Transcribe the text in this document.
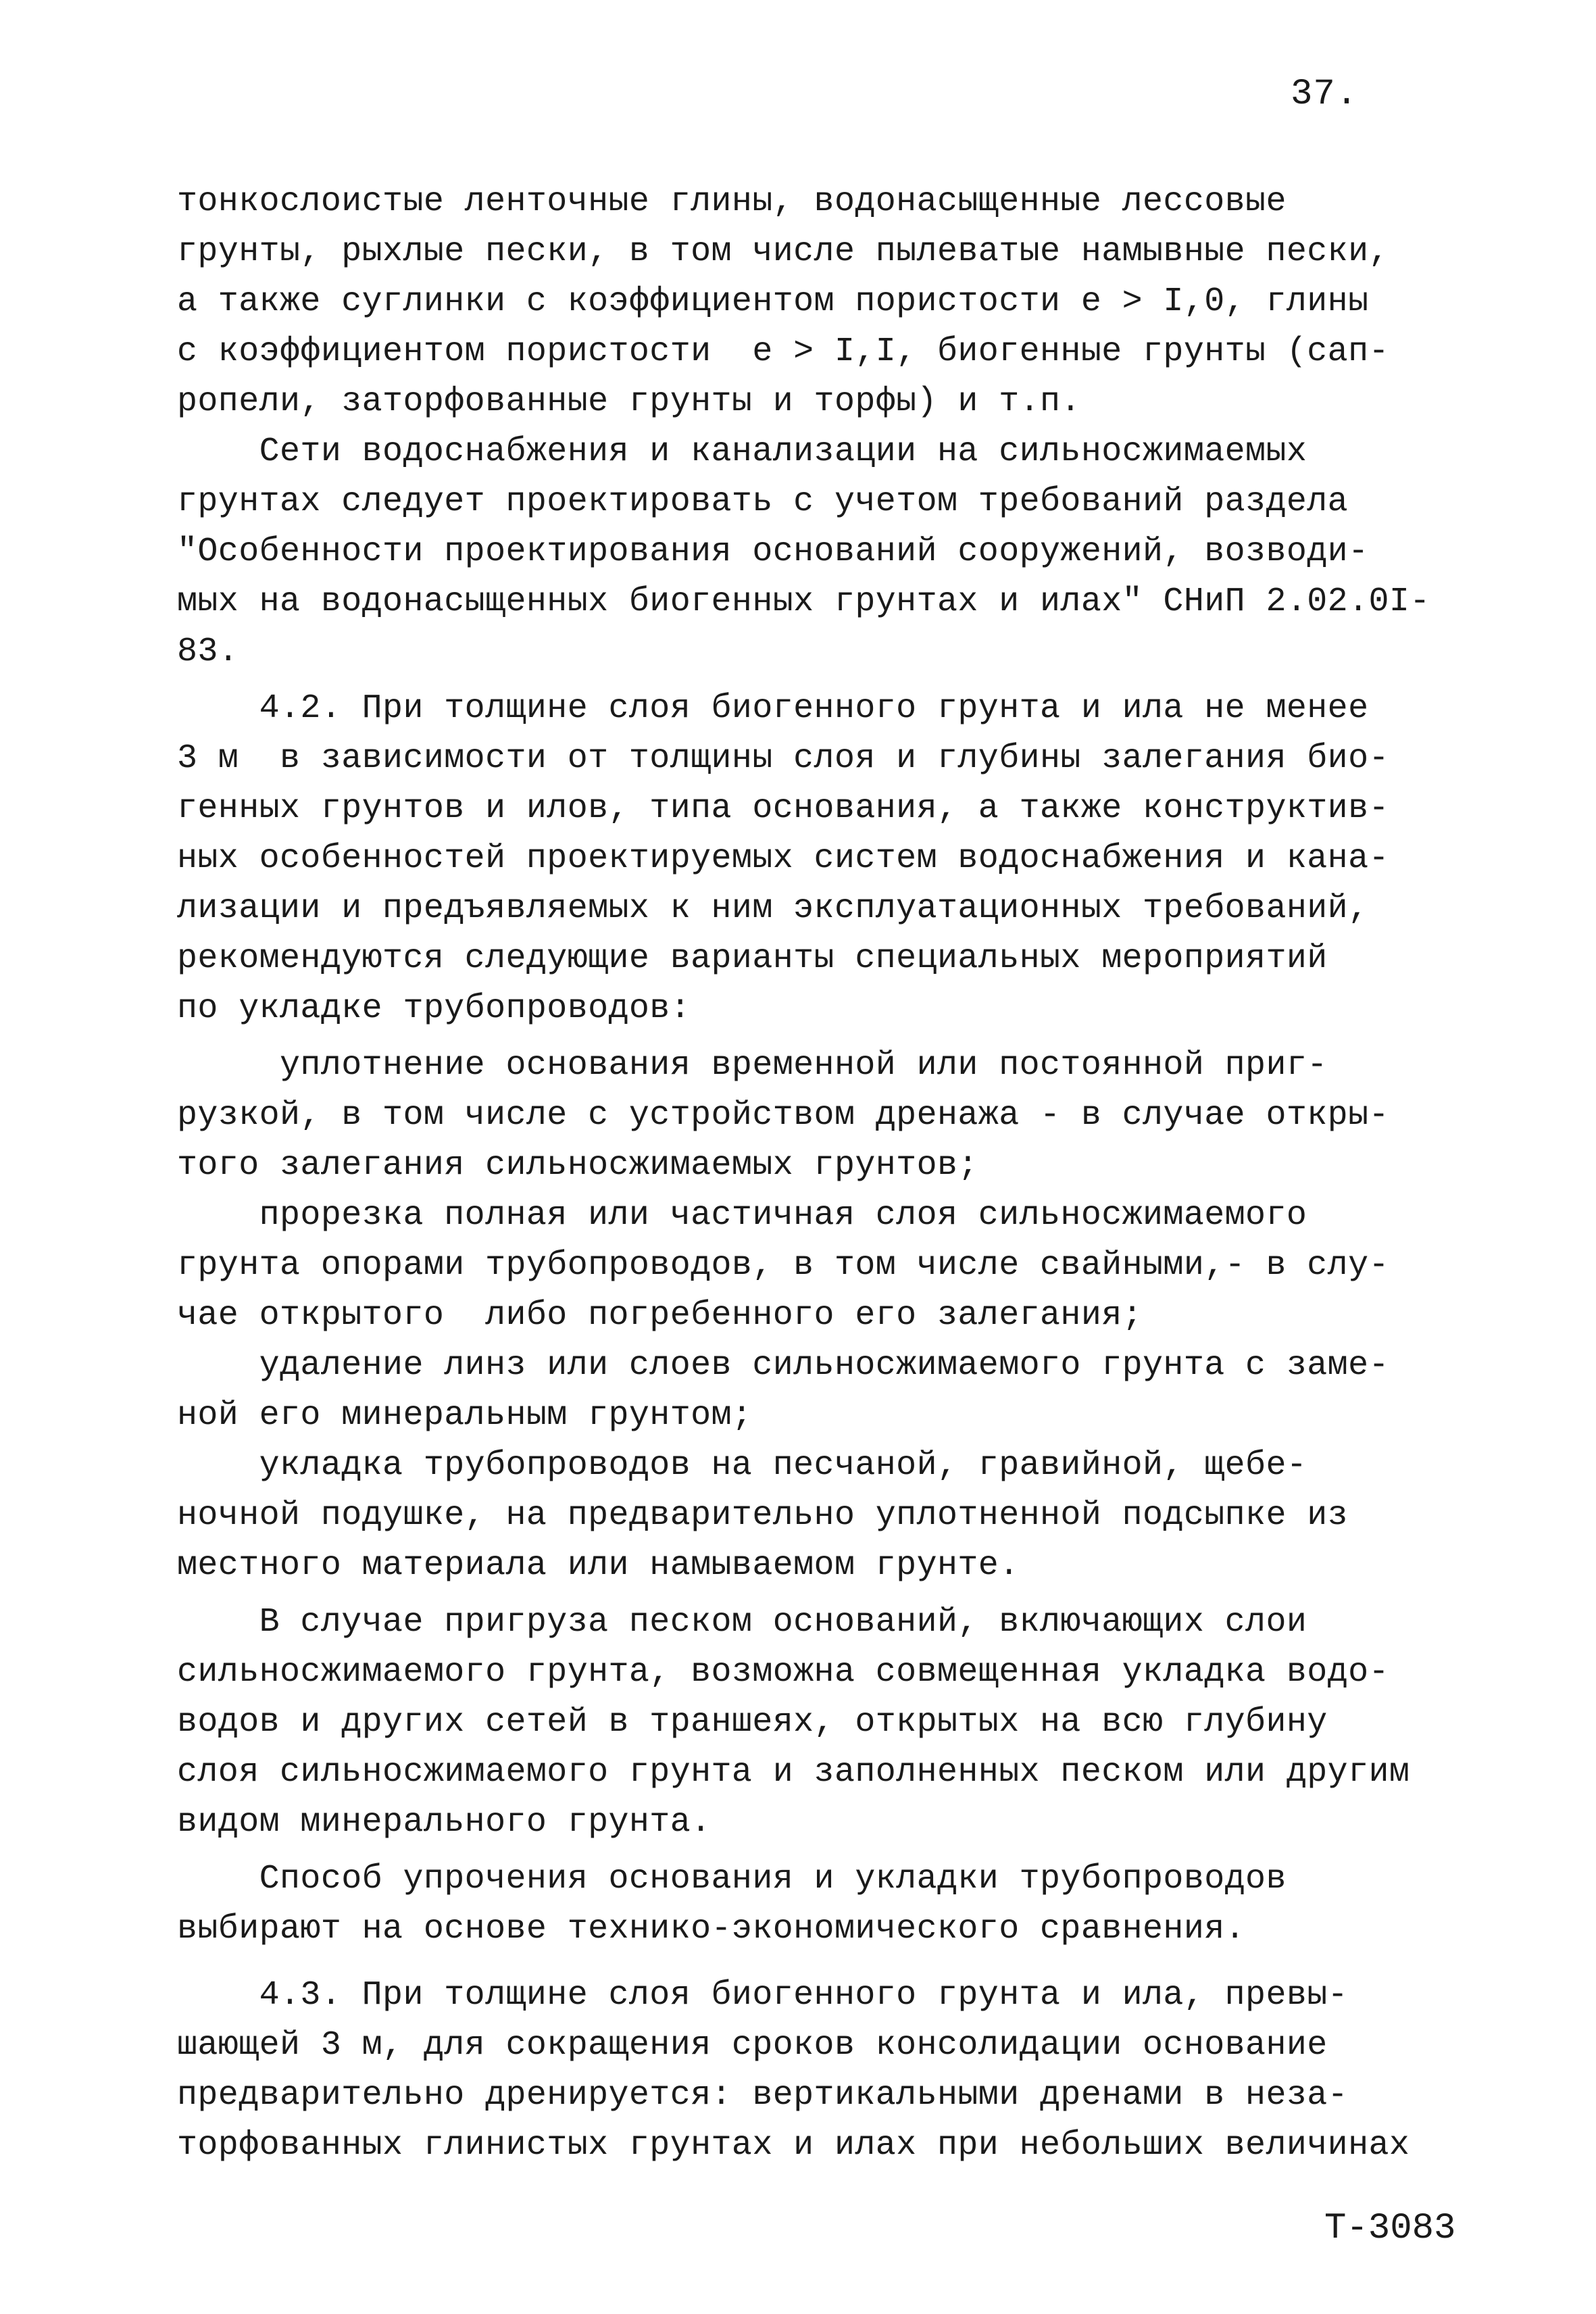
37.
тонкослоистые ленточные глины, водонасыщенные лессовые
грунты, рыхлые пески, в том числе пылеватые намывные пески,
а также суглинки с коэффициентом пористости e > I,0, глины
с коэффициентом пористости  e > I,I, биогенные грунты (сап-
ропели, заторфованные грунты и торфы) и т.п.
Сети водоснабжения и канализации на сильносжимаемых
грунтах следует проектировать с учетом требований раздела
"Особенности проектирования оснований сооружений, возводи-
мых на водонасыщенных биогенных грунтах и илах" СНиП 2.02.0I-
83.
4.2. При толщине слоя биогенного грунта и ила не менее
3 м  в зависимости от толщины слоя и глубины залегания био-
генных грунтов и илов, типа основания, а также конструктив-
ных особенностей проектируемых систем водоснабжения и кана-
лизации и предъявляемых к ним эксплуатационных требований,
рекомендуются следующие варианты специальных мероприятий
по укладке трубопроводов:
уплотнение основания временной или постоянной приг-
рузкой, в том числе с устройством дренажа - в случае откры-
того залегания сильносжимаемых грунтов;
прорезка полная или частичная слоя сильносжимаемого
грунта опорами трубопроводов, в том числе свайными,- в слу-
чае открытого  либо погребенного его залегания;
удаление линз или слоев сильносжимаемого грунта с заме-
ной его минеральным грунтом;
укладка трубопроводов на песчаной, гравийной, щебе-
ночной подушке, на предварительно уплотненной подсыпке из
местного материала или намываемом грунте.
В случае пригруза песком оснований, включающих слои
сильносжимаемого грунта, возможна совмещенная укладка водо-
водов и других сетей в траншеях, открытых на всю глубину
слоя сильносжимаемого грунта и заполненных песком или другим
видом минерального грунта.
Способ упрочения основания и укладки трубопроводов
выбирают на основе технико-экономического сравнения.
4.3. При толщине слоя биогенного грунта и ила, превы-
шающей 3 м, для сокращения сроков консолидации основание
предварительно дренируется: вертикальными дренами в неза-
торфованных глинистых грунтах и илах при небольших величинах
Т-3083
